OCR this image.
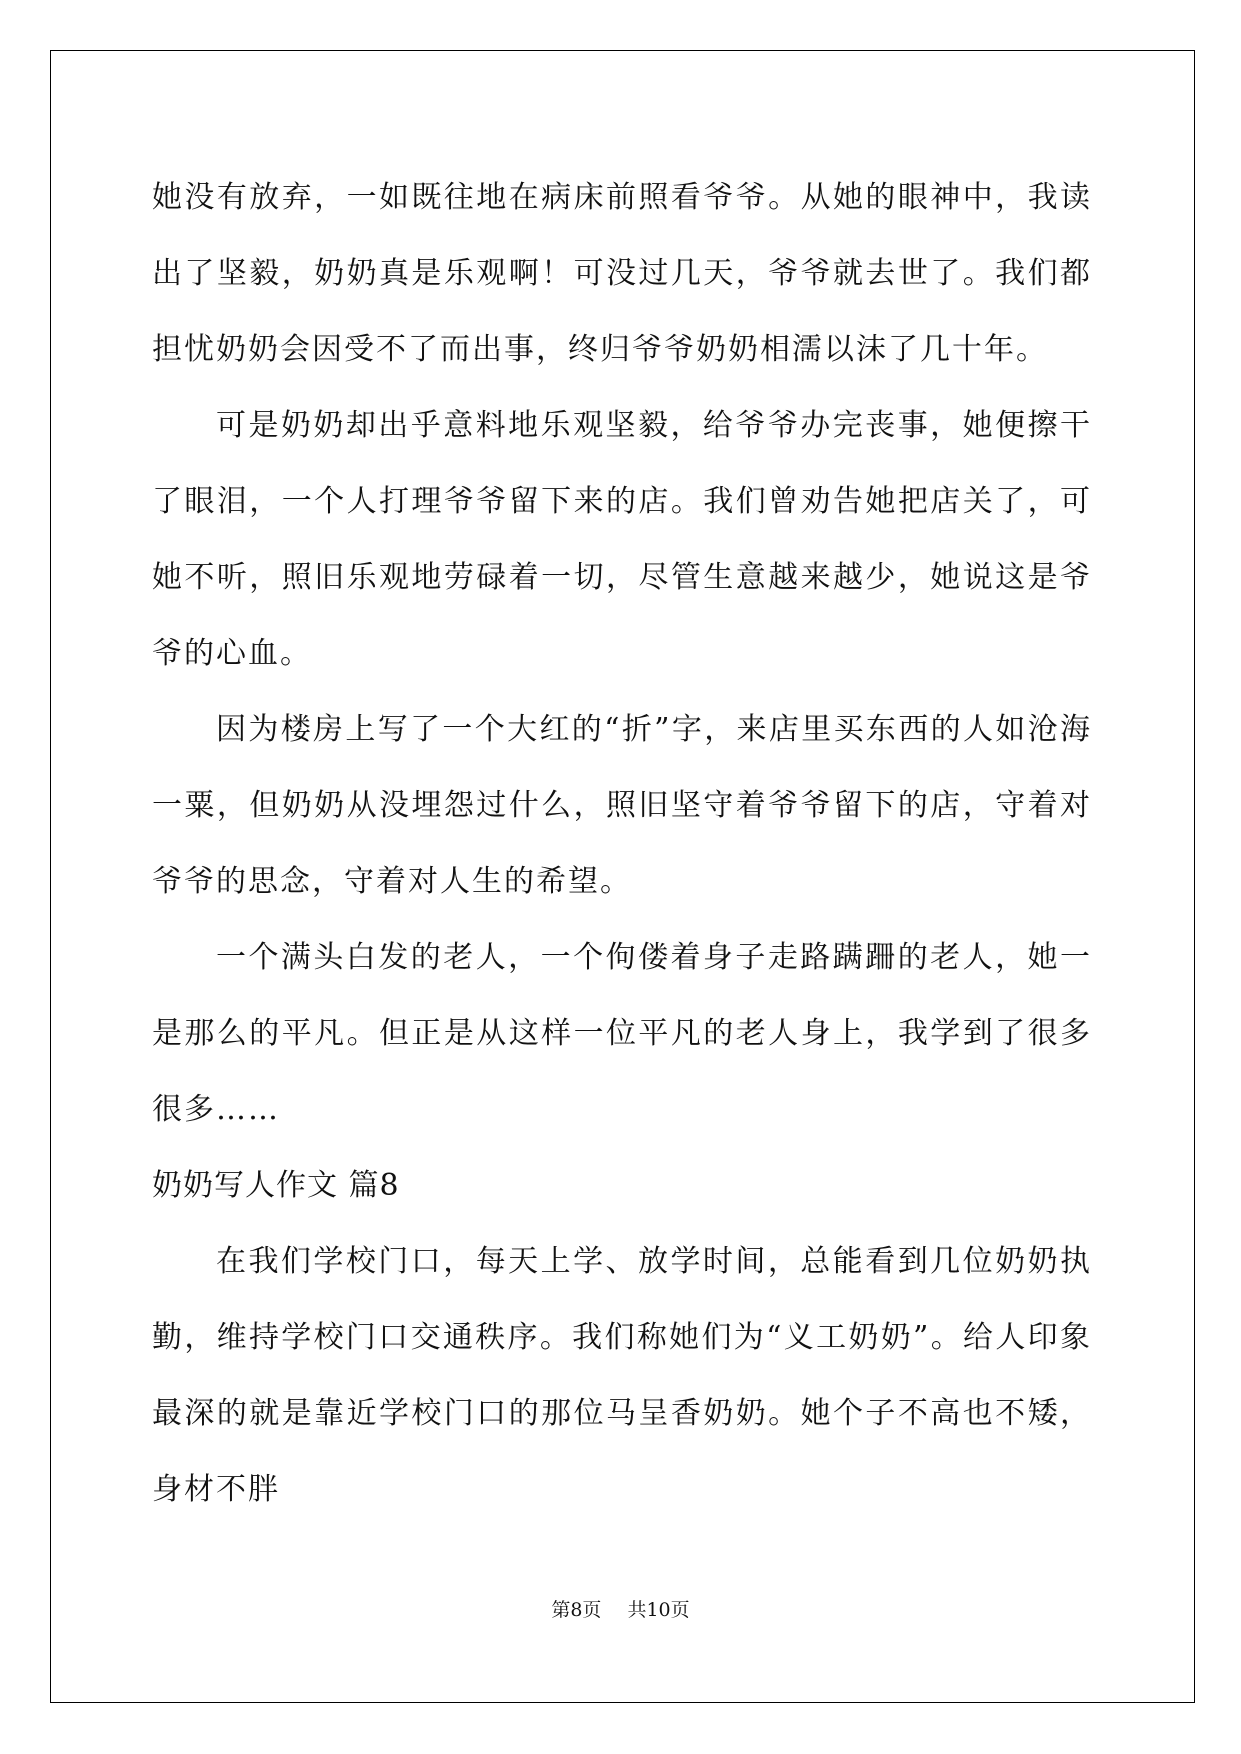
她没有放弃，一如既往地在病床前照看爷爷。从她的眼神中，我读出了坚毅，奶奶真是乐观啊！可没过几天，爷爷就去世了。我们都担忧奶奶会因受不了而出事，终归爷爷奶奶相濡以沫了几十年。

可是奶奶却出乎意料地乐观坚毅，给爷爷办完丧事，她便擦干了眼泪，一个人打理爷爷留下来的店。我们曾劝告她把店关了，可她不听，照旧乐观地劳碌着一切，尽管生意越来越少，她说这是爷爷的心血。

因为楼房上写了一个大红的“折”字，来店里买东西的人如沧海一粟，但奶奶从没埋怨过什么，照旧坚守着爷爷留下的店，守着对爷爷的思念，守着对人生的希望。

一个满头白发的老人，一个佝偻着身子走路蹒跚的老人，她一是那么的平凡。但正是从这样一位平凡的老人身上，我学到了很多很多……

奶奶写人作文 篇8

在我们学校门口，每天上学、放学时间，总能看到几位奶奶执勤，维持学校门口交通秩序。我们称她们为“义工奶奶”。给人印象最深的就是靠近学校门口的那位马呈香奶奶。她个子不高也不矮，身材不胖

第8页 共10页
